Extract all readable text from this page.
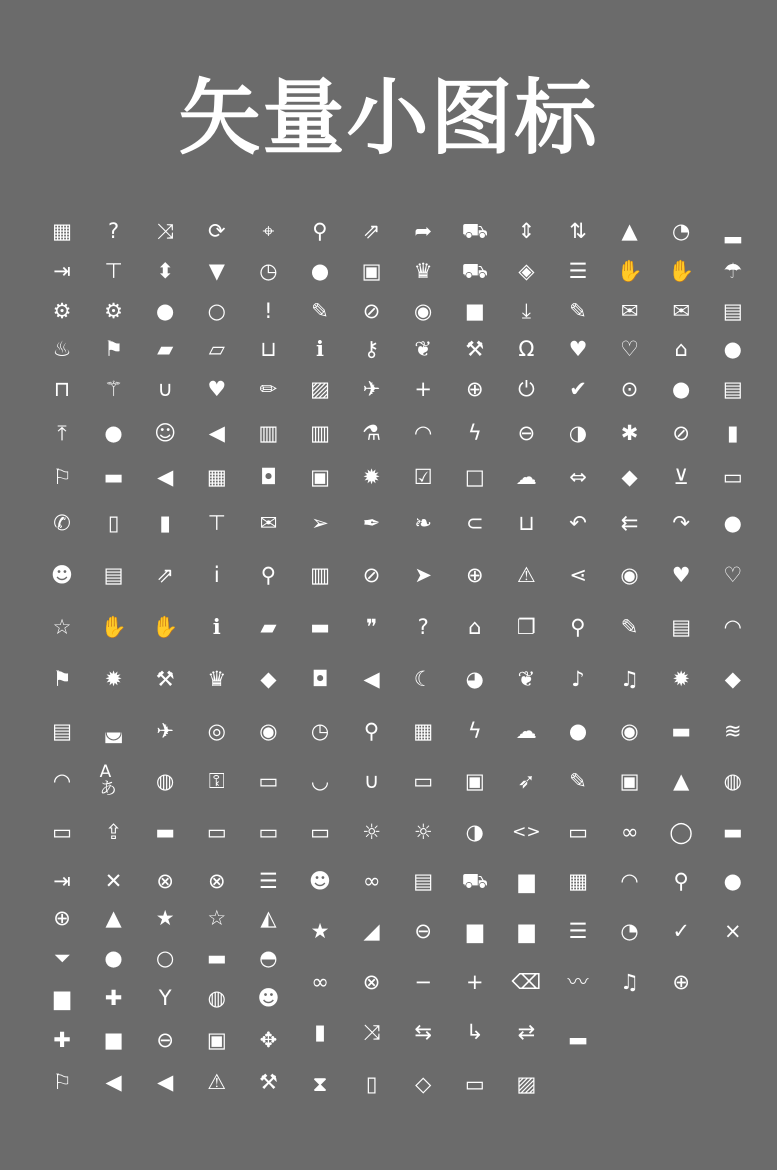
矢量小图标
▦	?	⤨ ⟳	⌖	⚲	⇗ ➦ ⛟ ⇕ ⇅ ▲ ◔ ▂
⇥ ⊤ ⬍ ▼ ◷ ● ▣ ♛ ⛟ ◈ ☰ ✋ ✋ ☂
⚙ ⚙ ● ○	!	✎ ⊘ ◉ ■	⤓	✎ ✉ ✉ ▤
♨ ⚑ ▰ ▱ ⊔	ℹ	⚷	❦ ⚒ Ω ♥ ♡	⌂	●
⊓ ⚚	∪	♥ ✏ ▨ ✈ + ⊕ ⏻ ✔ ⊙ ● ▤
⤒	● ☺ ◀ ▥ ▥ ⚗ ◠	ϟ	⊖ ◑ ✱ ⊘	▮
⚐ ▬ ◀ ▦ ◘ ▣ ✹ ☑ □ ☁ ⇔ ◆	⊻	▭
✆	▯	▮	⊤ ✉ ➢ ✒ ❧ ⊂ ⊔ ↶ ⇇ ↷ ●
☻ ▤ ⇗	i	⚲	▥ ⊘ ➤ ⊕ ⚠ ⋖ ◉ ♥ ♡
☆ ✋ ✋	ℹ	▰ ▬	❞	?	⌂	❐ ⚲	✎ ▤ ◠
⚑ ✹ ⚒ ♛ ◆ ◘ ◀ ☾ ◕ ❦	♪	♫ ✹ ◆
▤ ◛ ✈ ◎ ◉ ◷ ⚲	▦	ϟ	☁ ● ◉ ▬ ≋
◠ Aあ	◍ ⚿ ▭ ◡	∪	▭ ▣ ➶ ✎ ▣ ▲ ◍
▭ ⇪ ▬ ▭ ▭ ▭ ☼ ☼ ◑ <> ▭ ∞ ◯ ▬
⇥ ✕ ⊗ ⊗ ☰ ☻ ∞ ▤ ⛟ ▆ ▦ ◠ ⚲	●
⊕ ▲ ★ ☆ ◭
★ ◢ ⊖ ▆ ▆ ☰ ◔ ✓ ×
⏷ ● ○ ▬ ◓
∞ ⊗ − + ⌫ 〰 ♫ ⊕
▆ ✚	Y	◍ ☻
✚ ■ ⊖ ▣ ✥	▮	⤨ ⇆ ↳ ⇄ ▂
⚐ ◀ ◀ ⚠ ⚒	⧗	▯	◇ ▭ ▨
